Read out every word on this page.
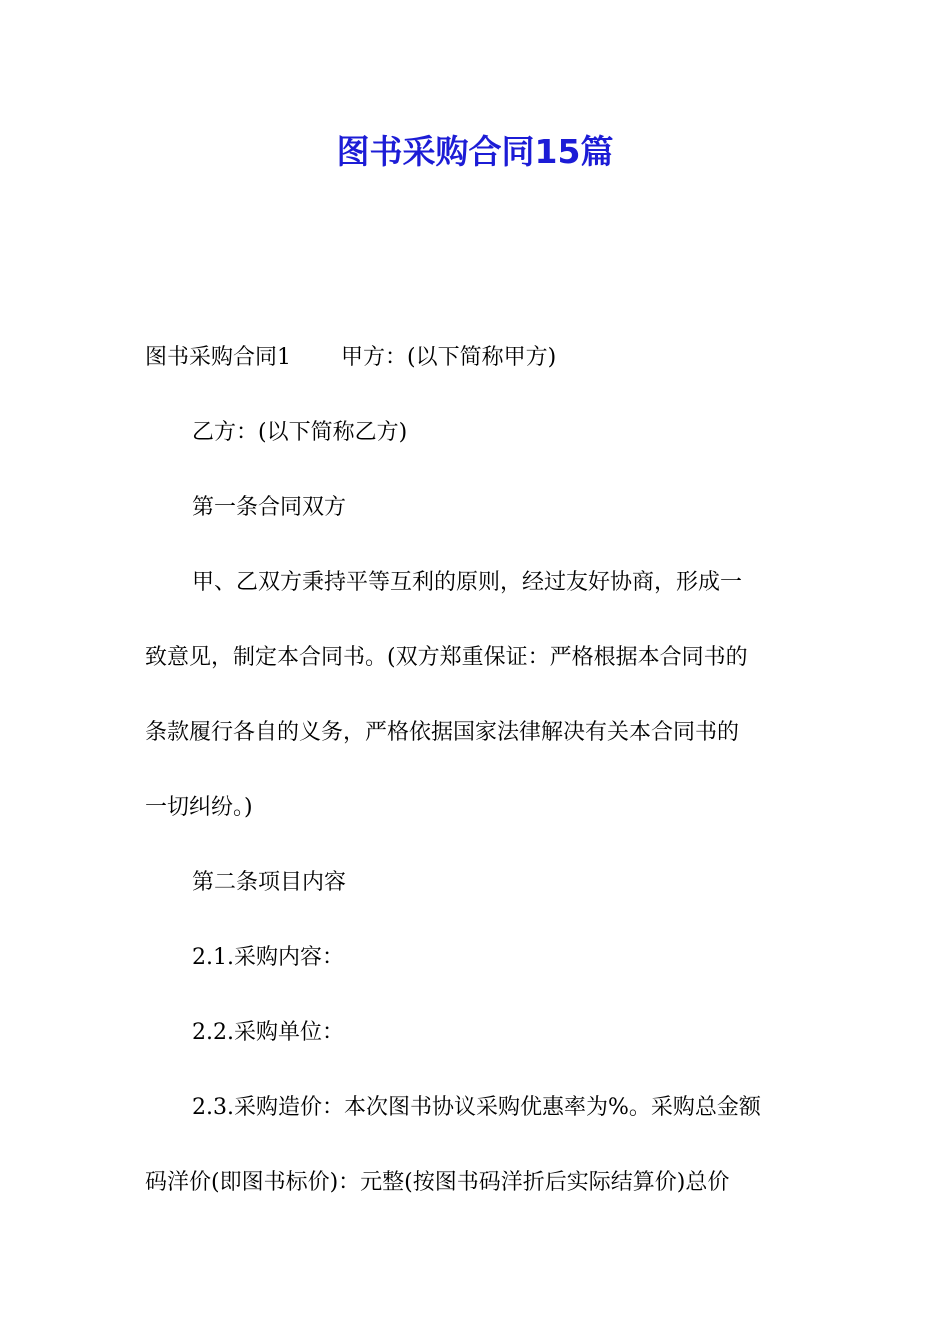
图书采购合同15篇

图书采购合同1 甲方：(以下简称甲方)

乙方：(以下简称乙方)

第一条合同双方

甲、乙双方秉持平等互利的原则，经过友好协商，形成一

致意见，制定本合同书。(双方郑重保证：严格根据本合同书的

条款履行各自的义务，严格依据国家法律解决有关本合同书的

一切纠纷。)

第二条项目内容

2.1.采购内容：

2.2.采购单位：

2.3.采购造价：本次图书协议采购优惠率为%。采购总金额

码洋价(即图书标价)：元整(按图书码洋折后实际结算价)总价
